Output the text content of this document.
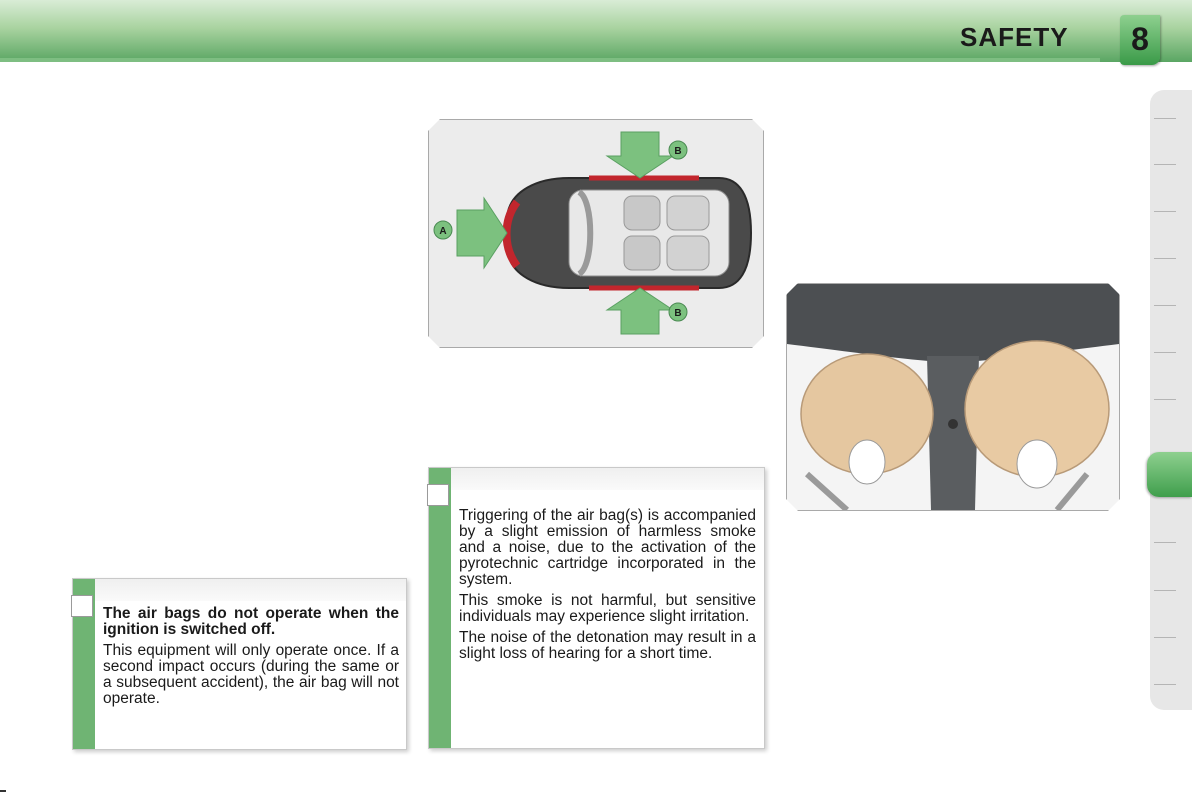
SAFETY	8
A
B
B

The air bags do not operate when the ignition is switched off.

This equipment will only operate once. If a second impact occurs (during the same or a subsequent accident), the air bag will not operate.

Triggering of the air bag(s) is accompanied by a slight emission of harmless smoke and a noise, due to the activation of the pyrotechnic cartridge incorporated in the system.

This smoke is not harmful, but sensitive individuals may experience slight irritation.

The noise of the detonation may result in a slight loss of hearing for a short time.
